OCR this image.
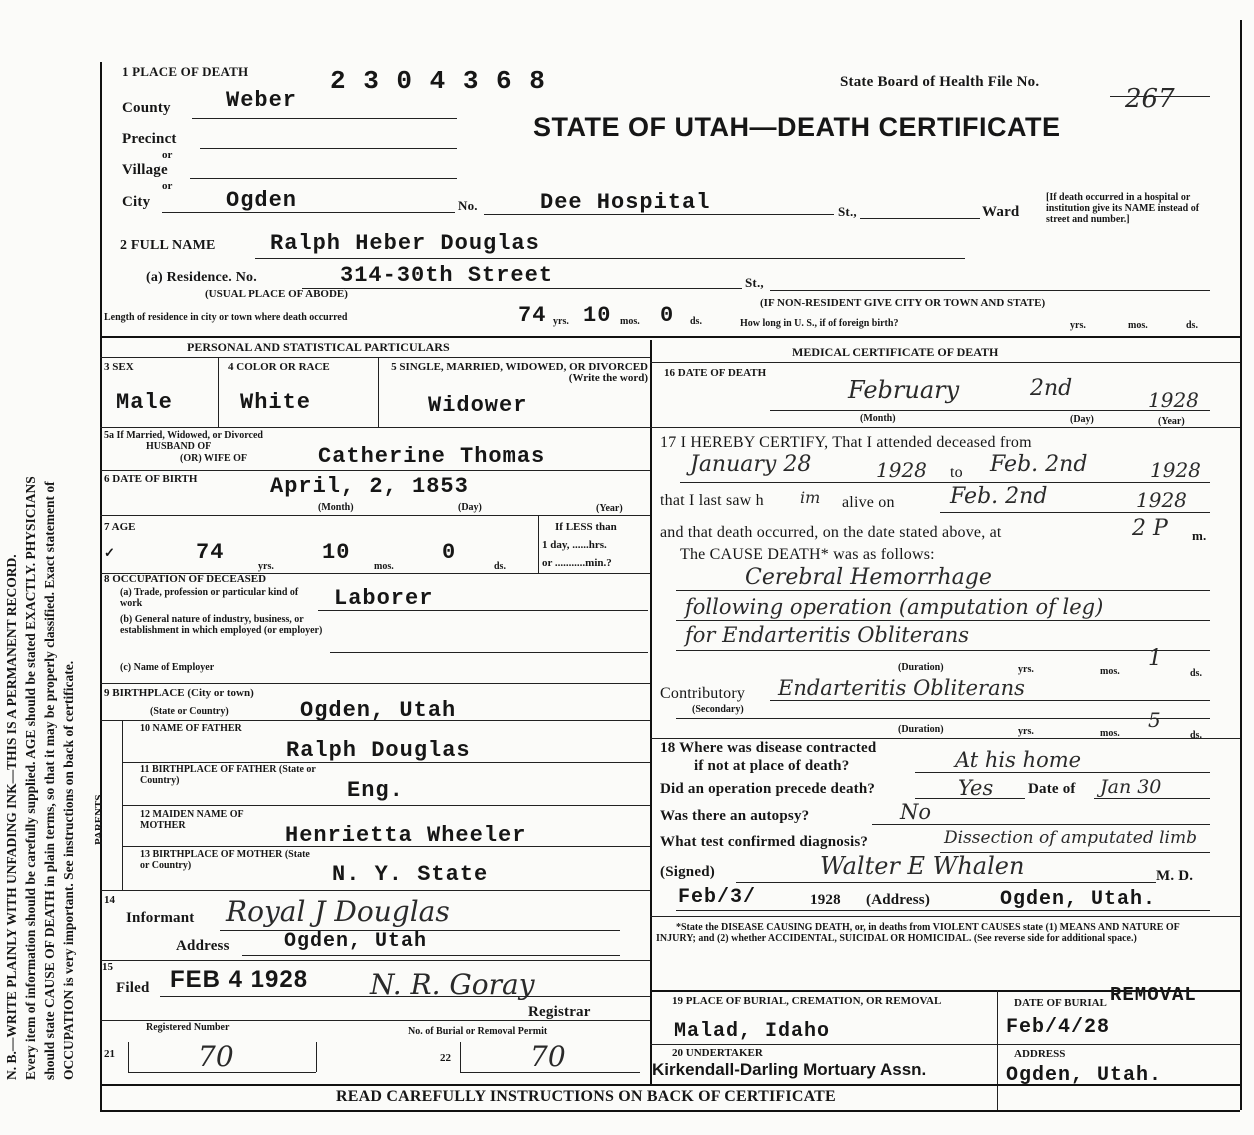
N. B.—WRITE PLAINLY WITH UNFADING INK—THIS IS A PERMANENT RECORD. Every item of information should be carefully supplied. AGE should be stated EXACTLY. PHYSICIANS should state CAUSE OF DEATH in plain terms, so that it may be properly classified. Exact statement of OCCUPATION is very important. See instructions on back of certificate.
1 PLACE OF DEATH	2 3 0 4 3 6 8	State Board of Health File No.
267
STATE OF UTAH—DEATH CERTIFICATE
County	Weber
Precinct
or
Village
or
City	Ogden	No.	Dee Hospital	St.,	Ward
[If death occurred in a hospital or institution give its NAME instead of street and number.]
2 FULL NAME Ralph Heber Douglas
(a) Residence. No.	314-30th Street	St.,
(USUAL PLACE OF ABODE)
(IF NON-RESIDENT GIVE CITY OR TOWN AND STATE)
Length of residence in city or town where death occurred	74 yrs. 10 mos. 0 ds.	How long in U. S., if of foreign birth?	yrs.	mos.	ds.
PERSONAL AND STATISTICAL PARTICULARS	MEDICAL CERTIFICATE OF DEATH
3 SEX
Male
4 COLOR OR RACE
White
5 SINGLE, MARRIED, WIDOWED, OR DIVORCED (Write the word)
Widower
5a If Married, Widowed, or Divorced
HUSBAND OF
(OR) WIFE OF	Catherine Thomas
6 DATE OF BIRTH	April, 2, 1853
(Month)	(Day)	(Year)
7 AGE
✓	74
yrs.
10
mos.
0
ds.
If LESS than
1 day, ......hrs.
or ...........min.?
8 OCCUPATION OF DECEASED
(a) Trade, profession or particular kind of work	Laborer
(b) General nature of industry, business, or establishment in which employed (or employer)
(c) Name of Employer
9 BIRTHPLACE (City or town)
(State or Country)	Ogden, Utah
PARENTS
10 NAME OF FATHER
Ralph Douglas
11 BIRTHPLACE OF FATHER (State or Country)	Eng.
12 MAIDEN NAME OF MOTHER	Henrietta Wheeler
13 BIRTHPLACE OF MOTHER (State or Country)	N. Y. State
14
Informant Royal J Douglas
Address	Ogden, Utah
15
Filed FEB 4 1928 N. R. Goray
Registrar
Registered Number	No. of Burial or Removal Permit
21	70	22	70
16 DATE OF DEATH
February	2nd	1928
(Month)	(Day)	(Year)
17 I HEREBY CERTIFY, That I attended deceased from
January 28	1928 to Feb. 2nd	1928
that I last saw h im alive on	Feb. 2nd	1928
and that death occurred, on the date stated above, at	2 P m.
The CAUSE DEATH* was as follows:
Cerebral Hemorrhage
following operation (amputation of leg)
for Endarteritis Obliterans
(Duration)	yrs.	mos.
1
ds.
Contributory
(Secondary)
Endarteritis Obliterans
(Duration)	yrs.	mos.
5
ds.
18 Where was disease contracted
if not at place of death?	At his home
Did an operation precede death?	Yes Date of Jan 30
Was there an autopsy?	No
What test confirmed diagnosis?	Dissection of amputated limb
(Signed)	Walter E Whalen	M. D.
Feb/3/	1928 (Address)	Ogden, Utah.
*State the DISEASE CAUSING DEATH, or, in deaths from VIOLENT CAUSES state (1) MEANS AND NATURE OF INJURY; and (2) whether ACCIDENTAL, SUICIDAL OR HOMICIDAL. (See reverse side for additional space.)
19 PLACE OF BURIAL, CREMATION, OR REMOVAL
Malad, Idaho
DATE OF BURIAL REMOVAL
Feb/4/28
20 UNDERTAKER
Kirkendall-Darling Mortuary Assn.
ADDRESS
Ogden, Utah.
READ CAREFULLY INSTRUCTIONS ON BACK OF CERTIFICATE
